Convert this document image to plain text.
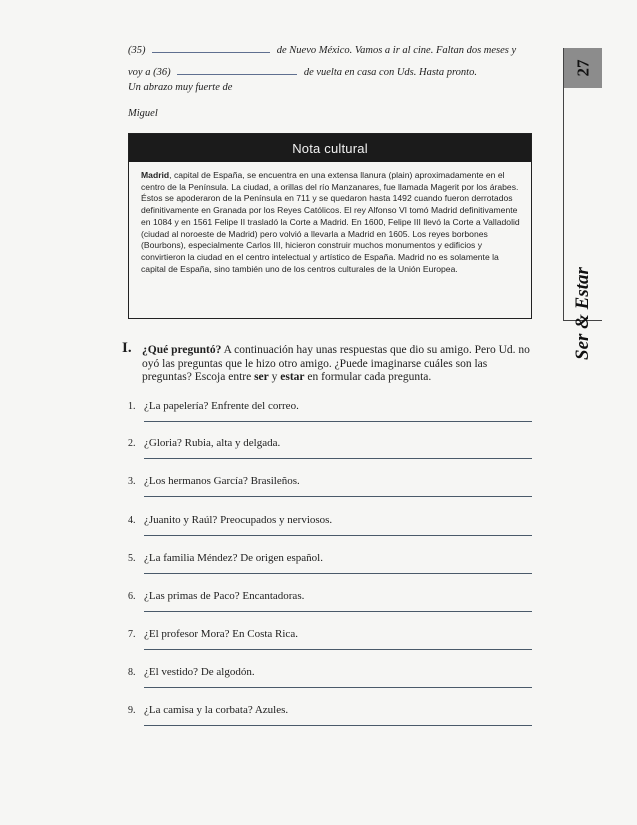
(35)	de Nuevo México. Vamos a ir al cine. Faltan dos meses y
voy a (36)	de vuelta en casa con Uds. Hasta pronto.
Un abrazo muy fuerte de
Miguel
27
Ser & Estar
Nota cultural
Madrid, capital de España, se encuentra en una extensa llanura (plain) aproximadamente en el centro de la Península. La ciudad, a orillas del río Manzanares, fue llamada Magerit por los árabes. Éstos se apoderaron de la Península en 711 y se quedaron hasta 1492 cuando fueron derrotados definitivamente en Granada por los Reyes Católicos. El rey Alfonso VI tomó Madrid definitivamente en 1084 y en 1561 Felipe II trasladó la Corte a Madrid. En 1600, Felipe III llevó la Corte a Valladolid (ciudad al noroeste de Madrid) pero volvió a llevarla a Madrid en 1605. Los reyes borbones (Bourbons), especialmente Carlos III, hicieron construir muchos monumentos y edificios y convirtieron la ciudad en el centro intelectual y artístico de España. Madrid no es solamente la capital de España, sino también uno de los centros culturales de la Unión Europea.
I. ¿Qué preguntó? A continuación hay unas respuestas que dio su amigo. Pero Ud. no oyó las preguntas que le hizo otro amigo. ¿Puede imaginarse cuáles son las preguntas? Escoja entre ser y estar en formular cada pregunta.
1. ¿La papelería? Enfrente del correo.
2. ¿Gloria? Rubia, alta y delgada.
3. ¿Los hermanos García? Brasileños.
4. ¿Juanito y Raúl? Preocupados y nerviosos.
5. ¿La familia Méndez? De origen español.
6. ¿Las primas de Paco? Encantadoras.
7. ¿El profesor Mora? En Costa Rica.
8. ¿El vestido? De algodón.
9. ¿La camisa y la corbata? Azules.
